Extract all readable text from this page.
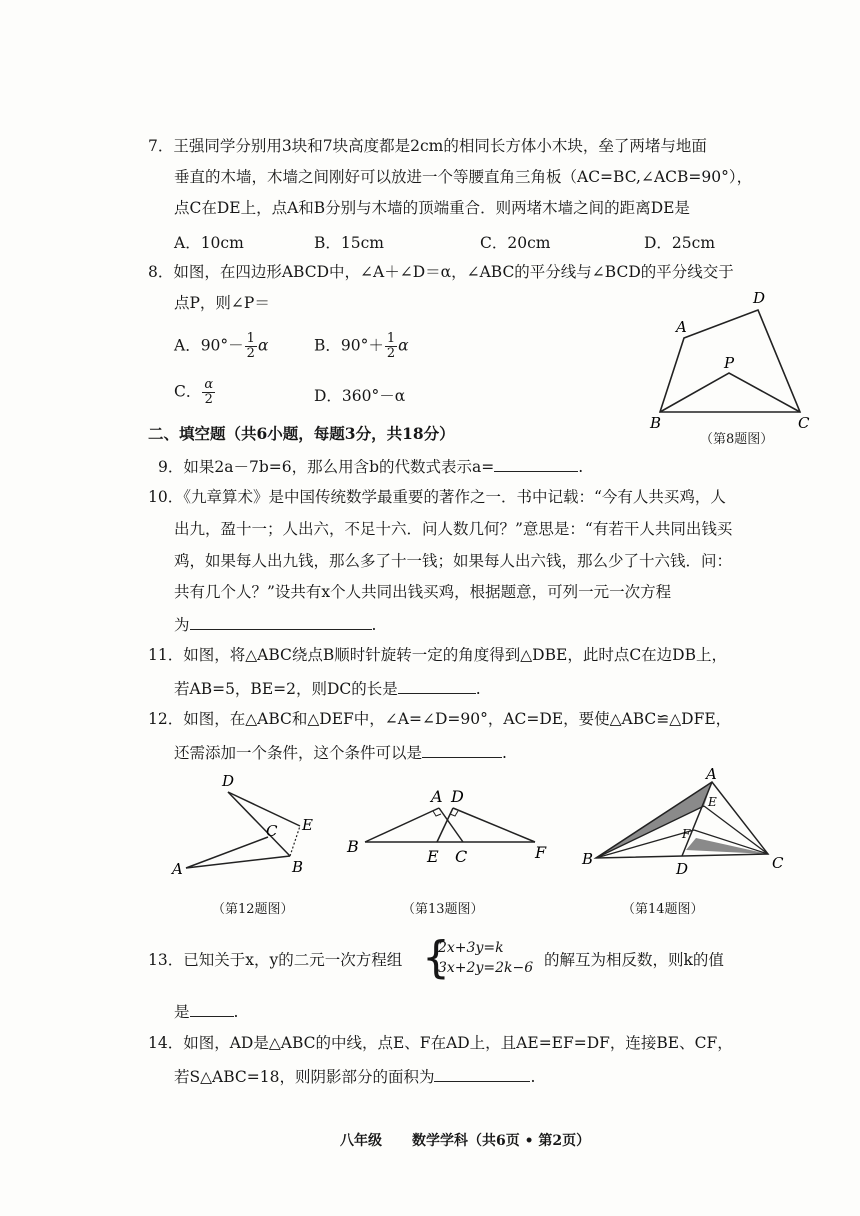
7．王强同学分别用3块和7块高度都是2cm的相同长方体小木块，垒了两堵与地面
垂直的木墙，木墙之间刚好可以放进一个等腰直角三角板（AC=BC,∠ACB=90°），
点C在DE上，点A和B分别与木墙的顶端重合．则两堵木墙之间的距离DE是
A．10cm	B．15cm	C．20cm	D．25cm
8．如图，在四边形ABCD中，∠A＋∠D＝α，∠ABC的平分线与∠BCD的平分线交于
点P，则∠P＝
A．$90^\circ- \frac{1}{2}$ α	B．$90^\circ+ \frac{1}{2}$ α
C． $\frac{\alpha}{2}$	D．360°－α
D
A
P
B	C
（第8题图）
二、填空题（共6小题，每题3分，共18分）
9．如果2a－7b=6，那么用含b的代数式表示a=	.
10．《九章算术》是中国传统数学最重要的著作之一．书中记载：“今有人共买鸡，人
出九，盈十一；人出六，不足十六．问人数几何？”意思是：“有若干人共同出钱买
鸡，如果每人出九钱，那么多了十一钱；如果每人出六钱，那么少了十六钱．问：
共有几个人？”设共有x个人共同出钱买鸡，根据题意，可列一元一次方程
为	.
11．如图，将△ABC绕点B顺时针旋转一定的角度得到△DBE，此时点C在边DB上，
若AB=5，BE=2，则DC的长是	.
12．如图，在△ABC和△DEF中，∠A=∠D=90°，AC=DE，要使△ABC≌△DFE，
还需添加一个条件，这个条件可以是	.
D
C E
A	B
（第12题图）
A D
B
E C	F
（第13题图）
A
E
F
B
D	C
（第14题图）
13．已知关于x，y的二元一次方程组 {
2x+3y=k
3x+2y=2k−6 的解互为相反数，则k的值
是	.
14．如图，AD是△ABC的中线，点E、F在AD上，且AE=EF=DF，连接BE、CF，
若S△ABC=18，则阴影部分的面积为	.
八年级 数学学科（共6页 • 第2页）
